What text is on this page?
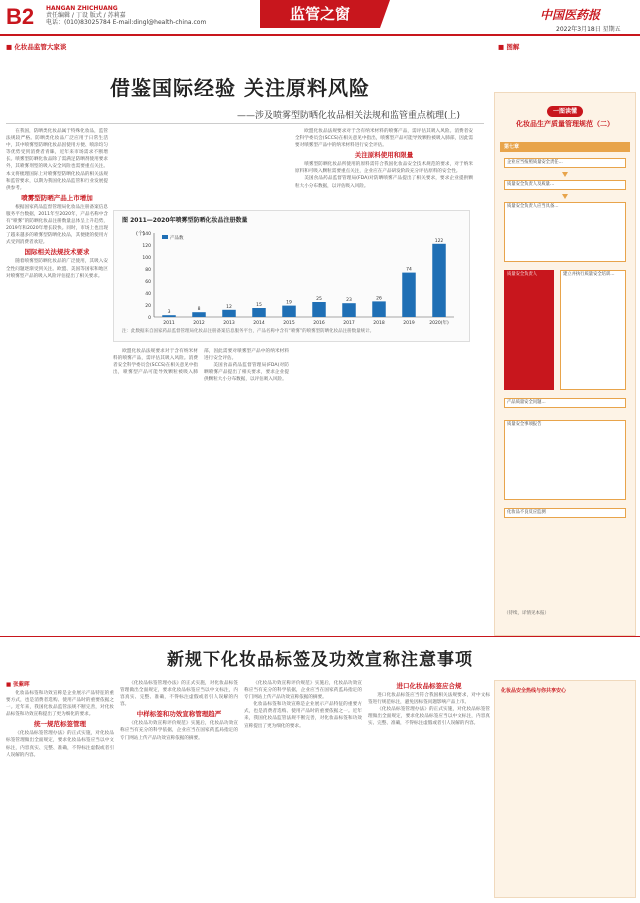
B2 HANGAN ZHICHUANG
责任编辑 / 丁设 版式 / 苏莉嘉
电话：(010)83025784 E-mail:dingl@health-china.com	监管之窗	中国医药报
2022年3月18日 星期五
■ 化妆品监管大家谈
借鉴国际经验 关注原料风险
——涉及喷雾型防晒化妆品相关法规和监管重点梳理(上)

在我国，防晒类化妆品属于特殊化妆品，监管法规较严格。防晒类化妆品广泛应用于日常生活中，其中喷雾型防晒化妆品因使用方便、喷涂均匀等优势受到消费者青睐，近年来市场需求不断增长。喷雾型防晒化妆品除了需满足防晒剂使用要求外，其喷雾剂型的吸入安全风险也需要重点关注。本文将梳理国际上对喷雾型防晒化妆品的相关法规和监管要求，以期为我国化妆品监管和行业发展提供参考。

喷雾型防晒产品上市增加

根据国家药品监督管理局化妆品注册备案信息服务平台数据，2011年至2020年，产品名称中含有“喷雾”的防晒化妆品注册数量总体呈上升趋势，2019年和2020年增长较快。同时，市场上也出现了越来越多的喷雾型防晒化妆品，其便捷的使用方式受到消费者欢迎。

国际相关法规技术要求

随着喷雾型防晒化妆品的广泛使用，其吸入安全性问题逐渐受到关注。欧盟、美国等国家和地区对喷雾型产品的吸入风险评估提出了相关要求。

图 2011—2020年喷雾型防晒化妆品注册数量
(个)
140
120
100
80
60
40
20
0
产品数
3
2011
8
2012
12
2013
15
2014
19
2015
25
2016
23
2017
26
2018
74
2019
122
2020(年)
注：此数据来自国家药品监督管理局化妆品注册备案信息服务平台，产品名称中含有“喷雾”的喷雾型防晒化妆品注册数量统计。

欧盟化妆品法规要求对于含有纳米材料的喷雾产品，需评估其吸入风险。消费者安全科学委员会(SCCS)在相关意见中指出，喷雾型产品可能导致颗粒被吸入肺部，因此需要对喷雾型产品中的纳米材料进行安全评估。

美国食品药品监督管理局(FDA)对防晒喷雾产品提出了相关要求，要求企业提供颗粒大小分布数据，以评估吸入风险。

欧盟化妆品法规要求对于含有纳米材料的喷雾产品，需评估其吸入风险。消费者安全科学委员会(SCCS)在相关意见中指出，喷雾型产品可能导致颗粒被吸入肺部，因此需要对喷雾型产品中的纳米材料进行安全评估。

关注原料使用和限量

喷雾型防晒化妆品所使用的原料需符合我国化妆品安全技术规范的要求，对于纳米原料和可吸入颗粒需要重点关注，企业应在产品研发阶段充分评估原料的安全性。

美国食品药品监督管理局(FDA)对防晒喷雾产品提出了相关要求，要求企业提供颗粒大小分布数据，以评估吸入风险。

■ 图解
一图读懂
化妆品生产质量管理规范（二）
第七章
企业应当按照质量安全责任…
质量安全负责人及质量…
质量安全负责人应当具备…
质量安全负责人	建立并执行质量安全培训…
产品质量安全问题…
质量安全事项报告
化妆品不良反应监测
（待续，详情见本报）
新规下化妆品标签及功效宣称注意事项
■ 张紫晖

化妆品标签和功效宣称是企业展示产品特征的重要方式，也是消费者选购、使用产品时的重要依据之一。近年来，我国化妆品监管法规不断完善，对化妆品标签和功效宣称提出了更为细化的要求。

统一规范标签管理

《化妆品标签管理办法》的正式实施，对化妆品标签管理做出全面规定，要求化妆品标签应当以中文标注，内容真实、完整、准确，不得标注虚假或者引人误解的内容。

《化妆品标签管理办法》的正式实施，对化妆品标签管理做出全面规定，要求化妆品标签应当以中文标注，内容真实、完整、准确，不得标注虚假或者引人误解的内容。

中样标签和功效宣称管理趋严

《化妆品功效宣称评价规范》实施后，化妆品功效宣称应当有充分的科学依据，企业应当在国家药监局指定的专门网站上传产品功效宣称依据的摘要。

《化妆品功效宣称评价规范》实施后，化妆品功效宣称应当有充分的科学依据，企业应当在国家药监局指定的专门网站上传产品功效宣称依据的摘要。

化妆品标签和功效宣称是企业展示产品特征的重要方式，也是消费者选购、使用产品时的重要依据之一。近年来，我国化妆品监管法规不断完善，对化妆品标签和功效宣称提出了更为细化的要求。

进口化妆品标签应合规

进口化妆品标签应当符合我国相关法规要求，对中文标签进行规范标注，避免因标签问题影响产品上市。

《化妆品标签管理办法》的正式实施，对化妆品标签管理做出全面规定，要求化妆品标签应当以中文标注，内容真实、完整、准确，不得标注虚假或者引人误解的内容。

化妆品安全热线与你共享安心
